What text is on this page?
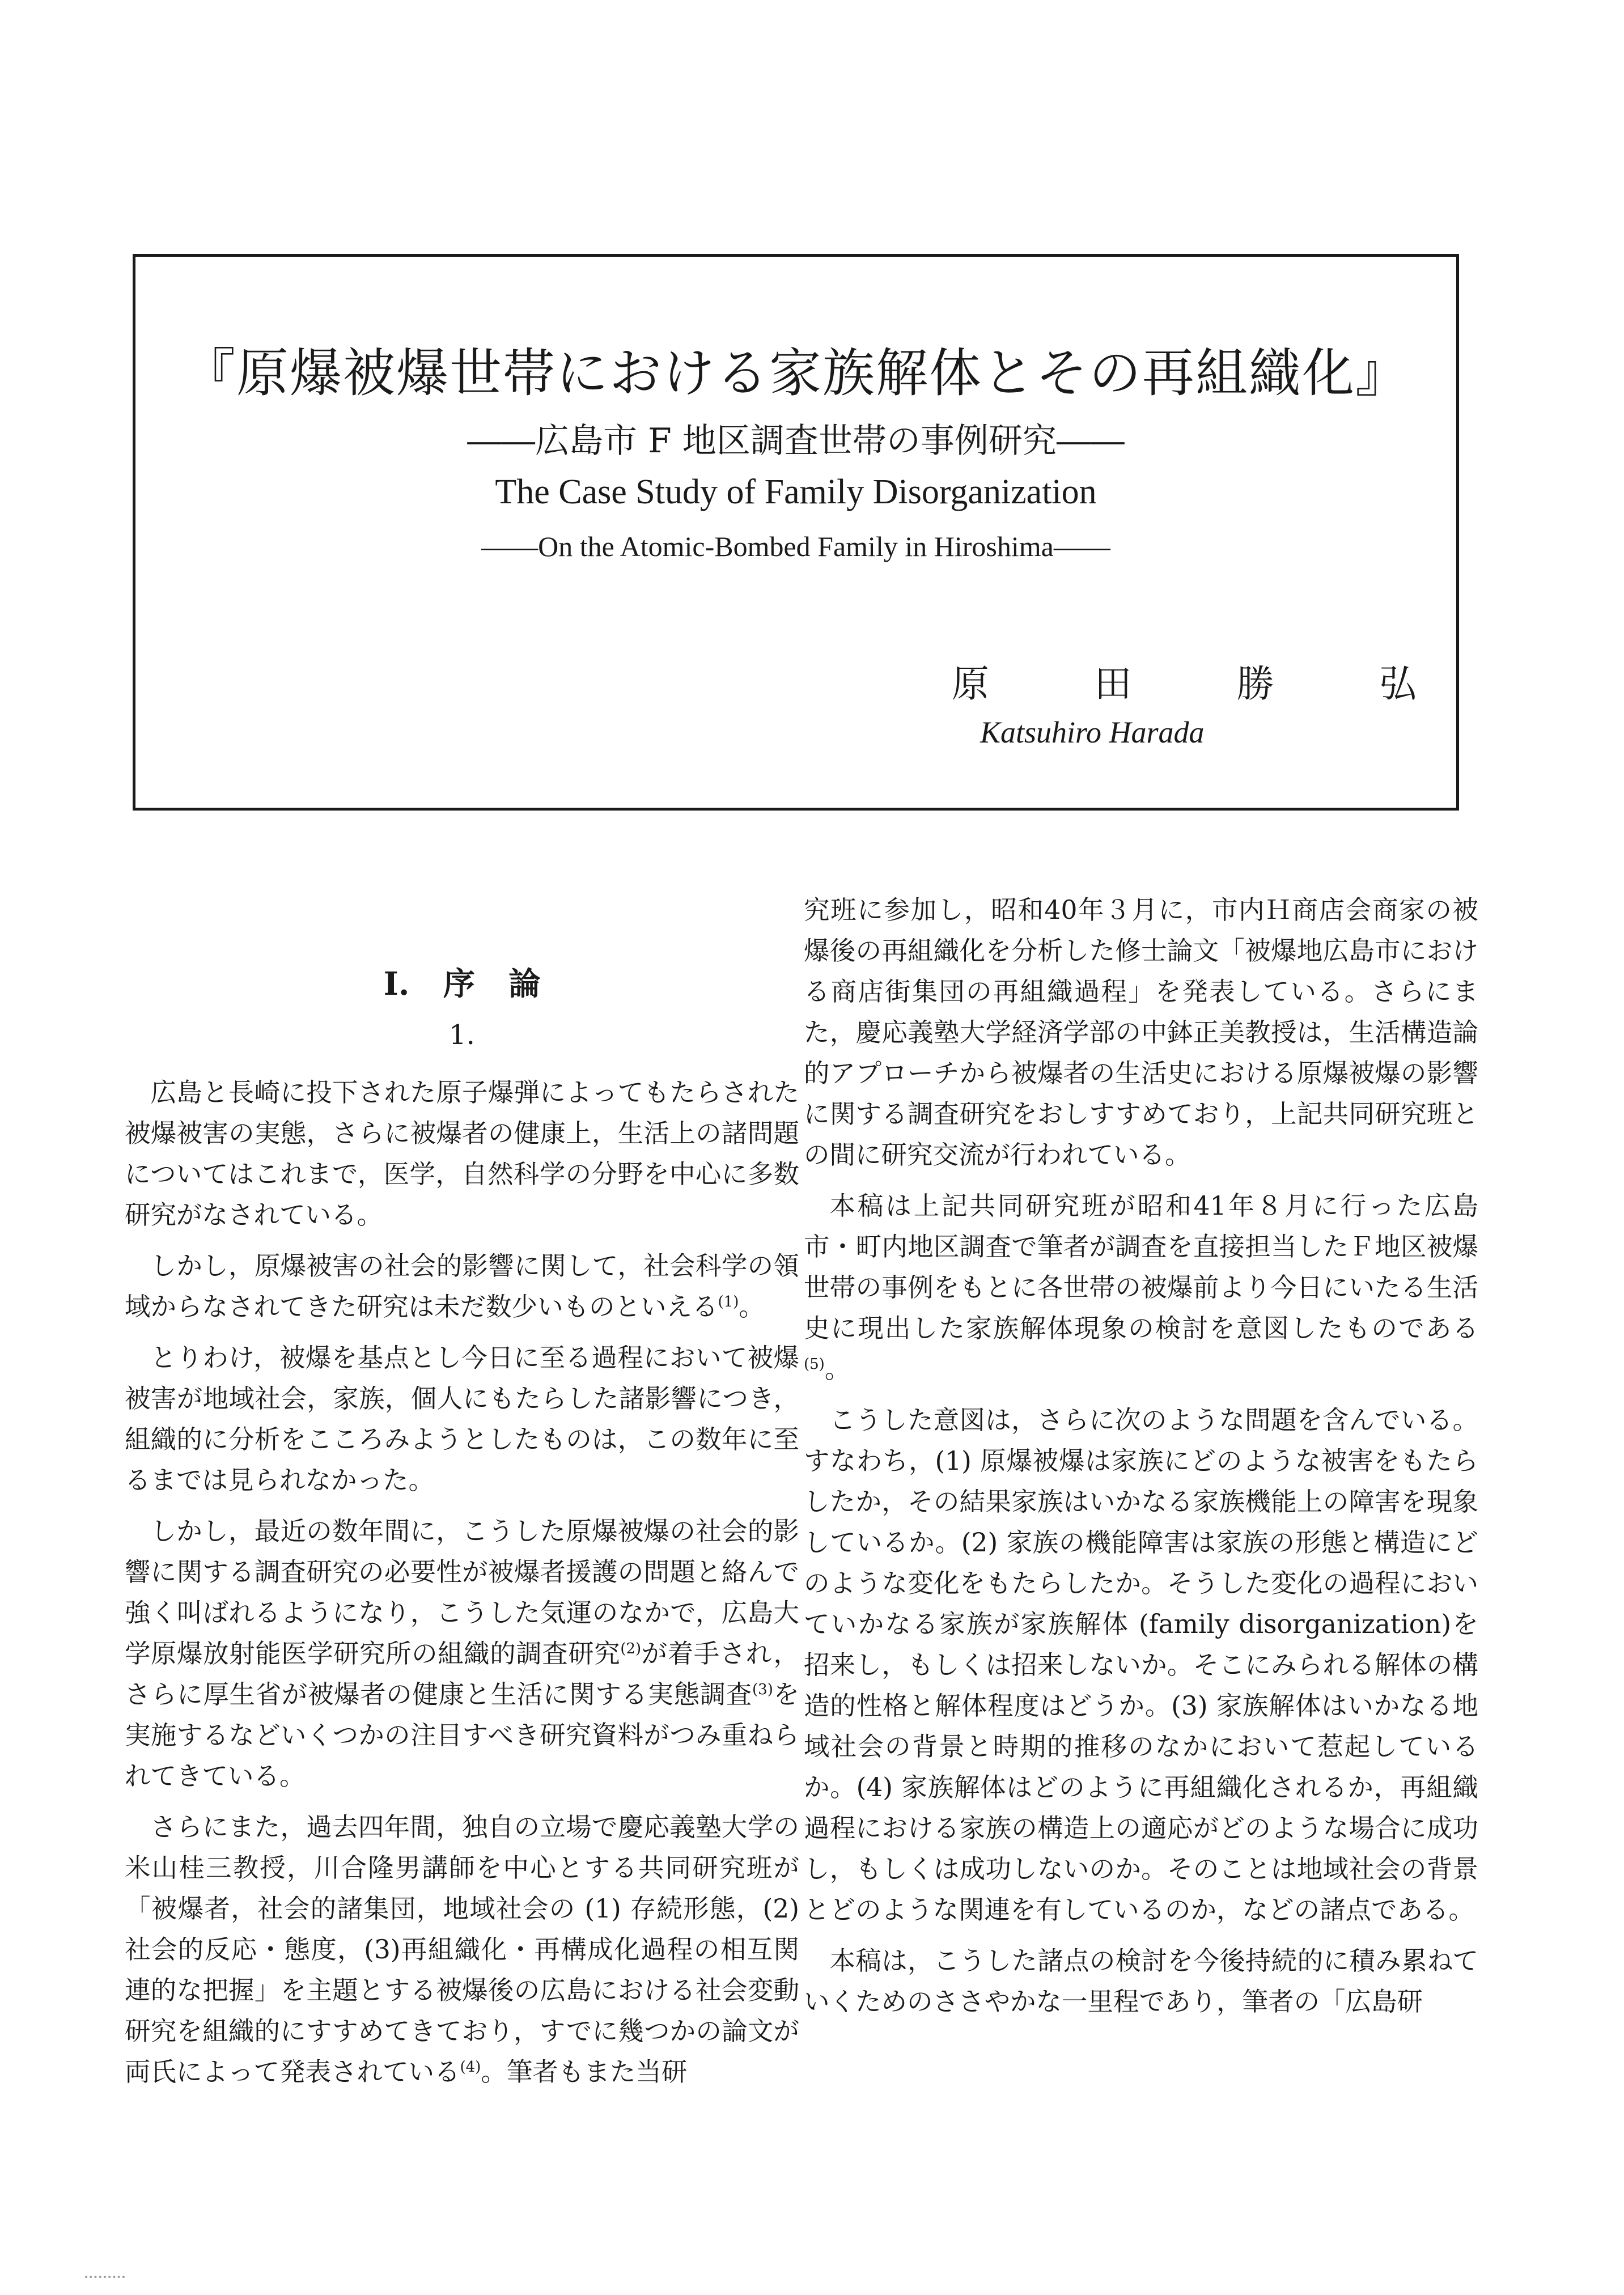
『原爆被爆世帯における家族解体とその再組織化』
――広島市 F 地区調査世帯の事例研究――
The Case Study of Family Disorganization
――On the Atomic-Bombed Family in Hiroshima――
原	田	勝	弘
Katsuhiro Harada
I. 序 論
1.

広島と長崎に投下された原子爆弾によってもたらされた被爆被害の実態，さらに被爆者の健康上，生活上の諸問題についてはこれまで，医学，自然科学の分野を中心に多数研究がなされている。

しかし，原爆被害の社会的影響に関して，社会科学の領域からなされてきた研究は未だ数少いものといえる$^{(1)}$。

とりわけ，被爆を基点とし今日に至る過程において被爆被害が地域社会，家族，個人にもたらした諸影響につき，組織的に分析をこころみようとしたものは，この数年に至るまでは見られなかった。

しかし，最近の数年間に，こうした原爆被爆の社会的影響に関する調査研究の必要性が被爆者援護の問題と絡んで強く叫ばれるようになり，こうした気運のなかで，広島大学原爆放射能医学研究所の組織的調査研究$^{(2)}$が着手され，さらに厚生省が被爆者の健康と生活に関する実態調査$^{(3)}$を実施するなどいくつかの注目すべき研究資料がつみ重ねられてきている。

さらにまた，過去四年間，独自の立場で慶応義塾大学の米山桂三教授，川合隆男講師を中心とする共同研究班が「被爆者，社会的諸集団，地域社会の (1) 存続形態，(2)社会的反応・態度，(3)再組織化・再構成化過程の相互関連的な把握」を主題とする被爆後の広島における社会変動研究を組織的にすすめてきており，すでに幾つかの論文が両氏によって発表されている$^{(4)}$。筆者もまた当研

究班に参加し，昭和40年３月に，市内Ｈ商店会商家の被爆後の再組織化を分析した修士論文「被爆地広島市における商店街集団の再組織過程」を発表している。さらにまた，慶応義塾大学経済学部の中鉢正美教授は，生活構造論的アプローチから被爆者の生活史における原爆被爆の影響に関する調査研究をおしすすめており，上記共同研究班との間に研究交流が行われている。

本稿は上記共同研究班が昭和41年８月に行った広島市・町内地区調査で筆者が調査を直接担当したＦ地区被爆世帯の事例をもとに各世帯の被爆前より今日にいたる生活史に現出した家族解体現象の検討を意図したものである$^{(5)}$。

こうした意図は，さらに次のような問題を含んでいる。すなわち，(1) 原爆被爆は家族にどのような被害をもたらしたか，その結果家族はいかなる家族機能上の障害を現象しているか。(2) 家族の機能障害は家族の形態と構造にどのような変化をもたらしたか。そうした変化の過程においていかなる家族が家族解体 (family disorganization)を招来し，もしくは招来しないか。そこにみられる解体の構造的性格と解体程度はどうか。(3) 家族解体はいかなる地域社会の背景と時期的推移のなかにおいて惹起しているか。(4) 家族解体はどのように再組織化されるか，再組織過程における家族の構造上の適応がどのような場合に成功し，もしくは成功しないのか。そのことは地域社会の背景とどのような関連を有しているのか，などの諸点である。

本稿は，こうした諸点の検討を今後持続的に積み累ねていくためのささやかな一里程であり，筆者の「広島研
